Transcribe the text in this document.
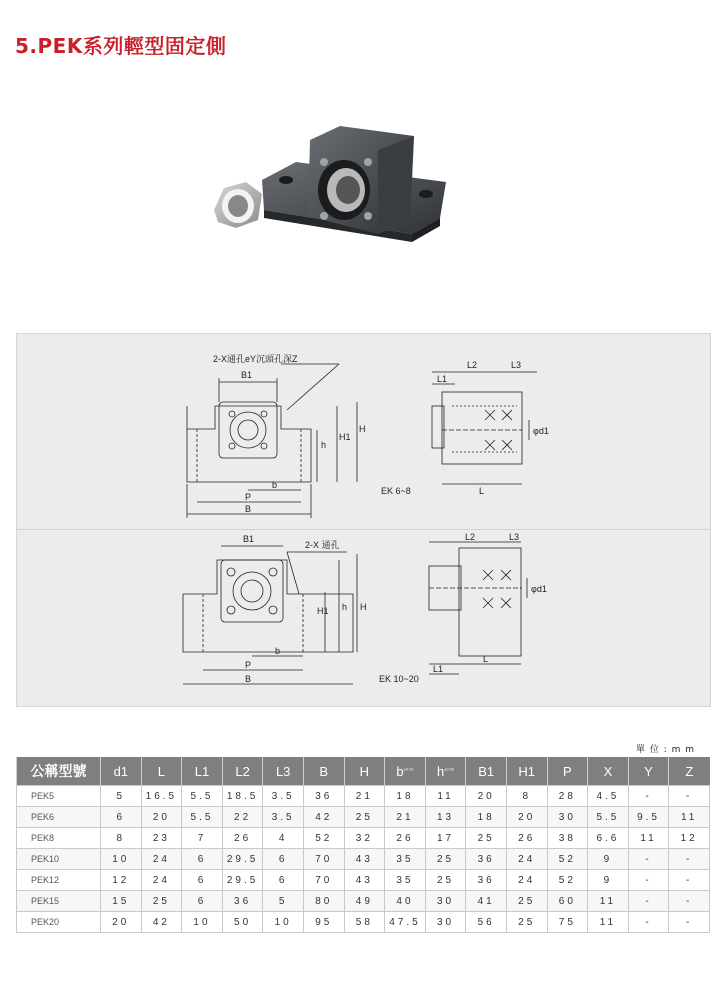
5.PEK系列輕型固定側
2-X通孔eY沉頭孔深Z
B1
b
P
B
h
H1
H
L2	L3
L1
L
φd1
EK 6~8
2-X 通孔
B1
b
P
B
H1 h H
L2	L3
L1
L
φd1
EK 10~20
單 位 : m m
公稱型號	d1	L	L1	L2	L3	B	H	$b^{\pm 0.02}$	$h^{\pm 0.02}$	B1	H1	P	X	Y	Z
PEK5	5	16.5	5.5	18.5	3.5	36	21	18	11	20	8	28	4.5	-	-
PEK6	6	20	5.5	22	3.5	42	25	21	13	18	20	30	5.5	9.5	11
PEK8	8	23	7	26	4	52	32	26	17	25	26	38	6.6	11	12
PEK10	10	24	6	29.5	6	70	43	35	25	36	24	52	9	-	-
PEK12	12	24	6	29.5	6	70	43	35	25	36	24	52	9	-	-
PEK15	15	25	6	36	5	80	49	40	30	41	25	60	11	-	-
PEK20	20	42	10	50	10	95	58	47.5	30	56	25	75	11	-	-
